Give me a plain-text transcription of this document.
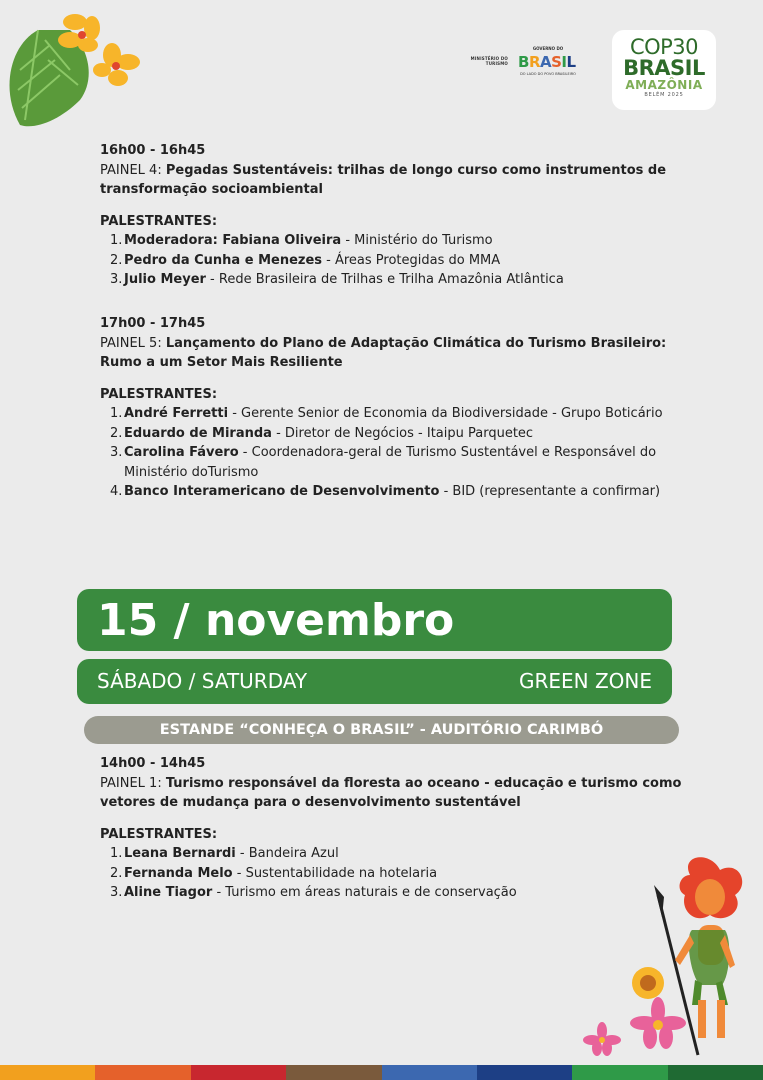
MINISTÉRIO DO TURISMO
GOVERNO DO
BRASIL
DO LADO DO POVO BRASILEIRO
COP30
BRASIL
AMAZÔNIA
BELÉM 2025
16h00 - 16h45
PAINEL 4: Pegadas Sustentáveis: trilhas de longo curso como instrumentos de transformação socioambiental
PALESTRANTES:
1. Moderadora: Fabiana Oliveira - Ministério do Turismo
2. Pedro da Cunha e Menezes - Áreas Protegidas do MMA
3. Julio Meyer - Rede Brasileira de Trilhas e Trilha Amazônia Atlântica
17h00 - 17h45
PAINEL 5: Lançamento do Plano de Adaptação Climática do Turismo Brasileiro: Rumo a um Setor Mais Resiliente
PALESTRANTES:
1. André Ferretti - Gerente Senior de Economia da Biodiversidade - Grupo Boticário
2. Eduardo de Miranda - Diretor de Negócios - Itaipu Parquetec
3. Carolina Fávero - Coordenadora-geral de Turismo Sustentável e Responsável do Ministério doTurismo
4. Banco Interamericano de Desenvolvimento - BID (representante a confirmar)
15 / novembro
SÁBADO / SATURDAY	GREEN ZONE
ESTANDE “CONHEÇA O BRASIL” - AUDITÓRIO CARIMBÓ
14h00 - 14h45
PAINEL 1: Turismo responsável da floresta ao oceano - educação e turismo como vetores de mudança para o desenvolvimento sustentável
PALESTRANTES:
1. Leana Bernardi - Bandeira Azul
2. Fernanda Melo - Sustentabilidade na hotelaria
3. Aline Tiagor - Turismo em áreas naturais e de conservação
